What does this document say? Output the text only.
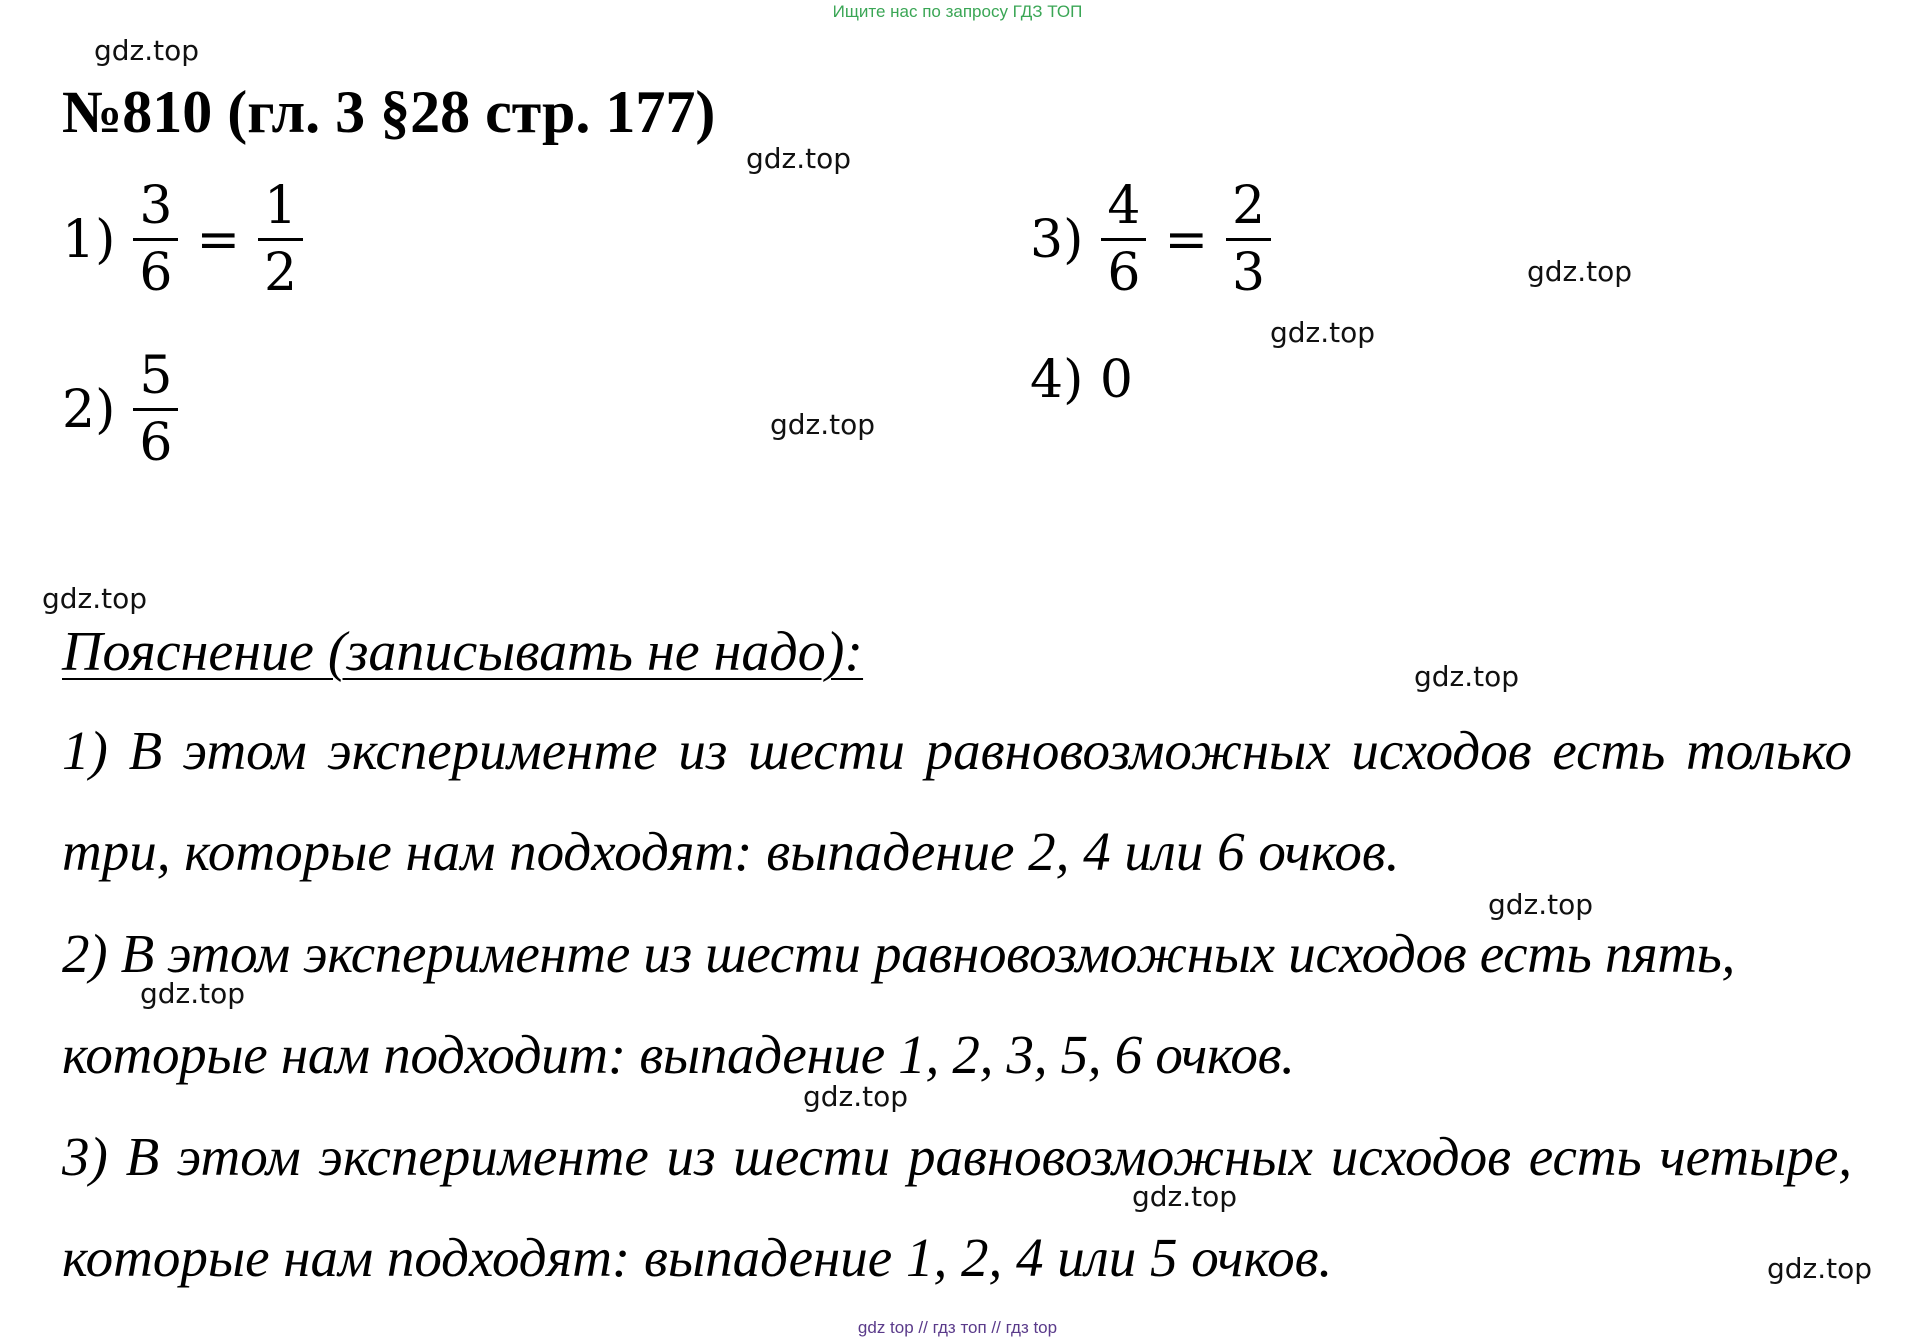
Ищите нас по запросу ГДЗ ТОП
№810 (гл. 3 §28 стр. 177)
$1) \frac{3}{6} = \frac{1}{2}$
$2) \frac{5}{6}$
$3) \frac{4}{6} = \frac{2}{3}$
4) 0
Пояснение (записывать не надо):

1) В этом эксперименте из шести равновозможных исходов есть только три, которые нам подходят: выпадение 2, 4 или 6 очков.

2) В этом эксперименте из шести равновозможных исходов есть пять, которые нам подходит: выпадение 1, 2, 3, 5, 6 очков.

3) В этом эксперименте из шести равновозможных исходов есть четыре, которые нам подходят: выпадение 1, 2, 4 или 5 очков.

gdz.top
gdz.top
gdz.top
gdz.top
gdz.top
gdz.top
gdz.top
gdz.top
gdz.top
gdz.top
gdz.top
gdz.top
gdz top // гдз топ // гдз top
